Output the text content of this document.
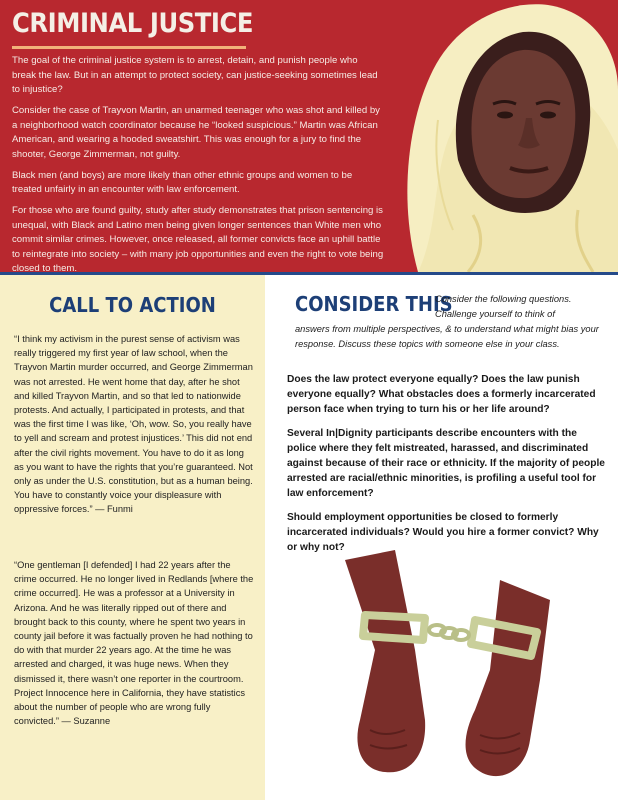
CRIMINAL JUSTICE

The goal of the criminal justice system is to arrest, detain, and punish people who break the law. But in an attempt to protect society, can justice-seeking sometimes lead to injustice?

Consider the case of Trayvon Martin, an unarmed teenager who was shot and killed by a neighborhood watch coordinator because he “looked suspicious.” Martin was African American, and wearing a hooded sweatshirt. This was enough for a jury to find the shooter, George Zimmerman, not guilty.

Black men (and boys) are more likely than other ethnic groups and women to be treated unfairly in an encounter with law enforcement.

For those who are found guilty, study after study demonstrates that prison sentencing is unequal, with Black and Latino men being given longer sentences than White men who commit similar crimes. However, once released, all former convicts face an uphill battle to reintegrate into society – with many job opportunities and even the right to vote being closed to them.

CALL TO ACTION
“I think my activism in the purest sense of activism was really triggered my first year of law school, when the Trayvon Martin murder occurred, and George Zimmerman was not arrested. He went home that day, after he shot and killed Trayvon Martin, and so that led to nationwide protests. And actually, I participated in protests, and that was the first time I was like, ‘Oh, wow. So, you really have to yell and scream and protest injustices.’ This did not end after the civil rights movement. You have to do it as long as you want to have the rights that you’re guaranteed. Not only as under the U.S. constitution, but as a human being. You have to constantly voice your displeasure with oppressive forces.” — Funmi
“One gentleman [I defended] I had 22 years after the crime occurred. He no longer lived in Redlands [where the crime occurred]. He was a professor at a University in Arizona. And he was literally ripped out of there and brought back to this county, where he spent two years in county jail before it was factually proven he had nothing to do with that murder 22 years ago. At the time he was arrested and charged, it was huge news. When they dismissed it, there wasn’t one reporter in the courtroom. Project Innocence here in California, they have statistics about the number of people who are wrong fully convicted.” — Suzanne
CONSIDER THIS
Consider the following questions. Challenge yourself to think of
answers from multiple perspectives, & to understand what might bias your response. Discuss these topics with someone else in your class.

Does the law protect everyone equally? Does the law punish everyone equally? What obstacles does a formerly incarcerated person face when trying to turn his or her life around?

Several In|Dignity participants describe encounters with the police where they felt mistreated, harassed, and discriminated against because of their race or ethnicity. If the majority of people arrested are racial/ethnic minorities, is profiling a useful tool for law enforcement?

Should employment opportunities be closed to formerly incarcerated individuals? Would you hire a former convict? Why or why not?
